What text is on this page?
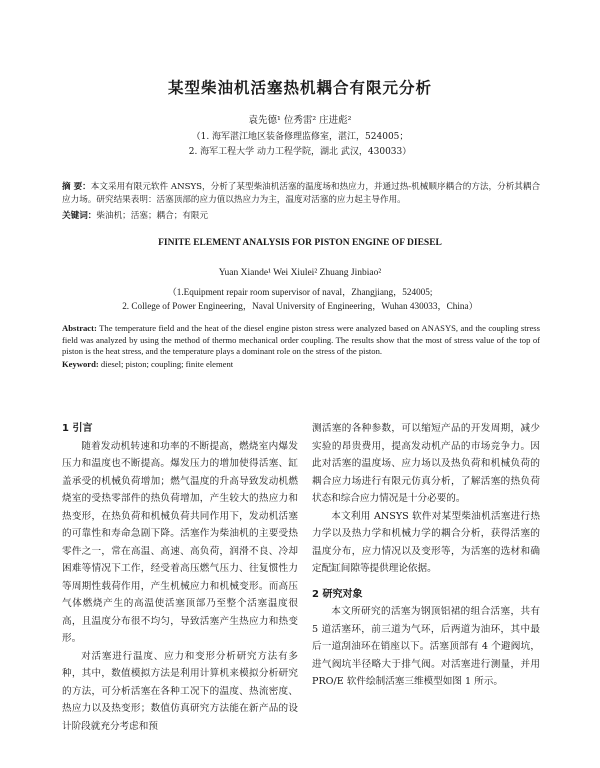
某型柴油机活塞热机耦合有限元分析
袁先德¹ 位秀雷² 庄进彪²
（1. 海军湛江地区装备修理监修室，湛江，524005；
2. 海军工程大学 动力工程学院，湖北 武汉，430033）
摘 要：本文采用有限元软件 ANSYS，分析了某型柴油机活塞的温度场和热应力，并通过热-机械顺序耦合的方法，分析其耦合应力场。研究结果表明：活塞顶部的应力值以热应力为主，温度对活塞的应力起主导作用。
关键词：柴油机；活塞；耦合；有限元
FINITE ELEMENT ANALYSIS FOR PISTON ENGINE OF DIESEL
Yuan Xiande¹ Wei Xiulei² Zhuang Jinbiao²
（1.Equipment repair room supervisor of naval，Zhangjiang，524005;
2. College of Power Engineering，Naval University of Engineering，Wuhan 430033，China）
Abstract: The temperature field and the heat of the diesel engine piston stress were analyzed based on ANASYS, and the coupling stress field was analyzed by using the method of thermo mechanical order coupling. The results show that the most of stress value of the top of piston is the heat stress, and the temperature plays a dominant role on the stress of the piston.
Keyword: diesel; piston; coupling; finite element
1 引言

随着发动机转速和功率的不断提高，燃烧室内爆发压力和温度也不断提高。爆发压力的增加使得活塞、缸盖承受的机械负荷增加；燃气温度的升高导致发动机燃烧室的受热零部件的热负荷增加，产生较大的热应力和热变形，在热负荷和机械负荷共同作用下，发动机活塞的可靠性和寿命急剧下降。活塞作为柴油机的主要受热零件之一，常在高温、高速、高负荷，润滑不良、冷却困难等情况下工作，经受着高压燃气压力、往复惯性力等周期性载荷作用，产生机械应力和机械变形。而高压气体燃烧产生的高温使活塞顶部乃至整个活塞温度很高，且温度分布很不均匀，导致活塞产生热应力和热变形。

对活塞进行温度、应力和变形分析研究方法有多种，其中，数值模拟方法是利用计算机来模拟分析研究的方法，可分析活塞在各种工况下的温度、热流密度、热应力以及热变形；数值仿真研究方法能在新产品的设计阶段就充分考虑和预

测活塞的各种参数，可以缩短产品的开发周期，减少实验的昂贵费用，提高发动机产品的市场竞争力。因此对活塞的温度场、应力场以及热负荷和机械负荷的耦合应力场进行有限元仿真分析，了解活塞的热负荷状态和综合应力情况是十分必要的。

本文利用 ANSYS 软件对某型柴油机活塞进行热力学以及热力学和机械力学的耦合分析，获得活塞的温度分布，应力情况以及变形等，为活塞的选材和确定配缸间隙等提供理论依据。

2 研究对象

本文所研究的活塞为钢顶铝裙的组合活塞，共有 5 道活塞环，前三道为气环，后两道为油环，其中最后一道刮油环在销座以下。活塞顶部有 4 个避阀坑，进气阀坑半径略大于排气阀。对活塞进行测量，并用 PRO/E 软件绘制活塞三维模型如图 1 所示。
